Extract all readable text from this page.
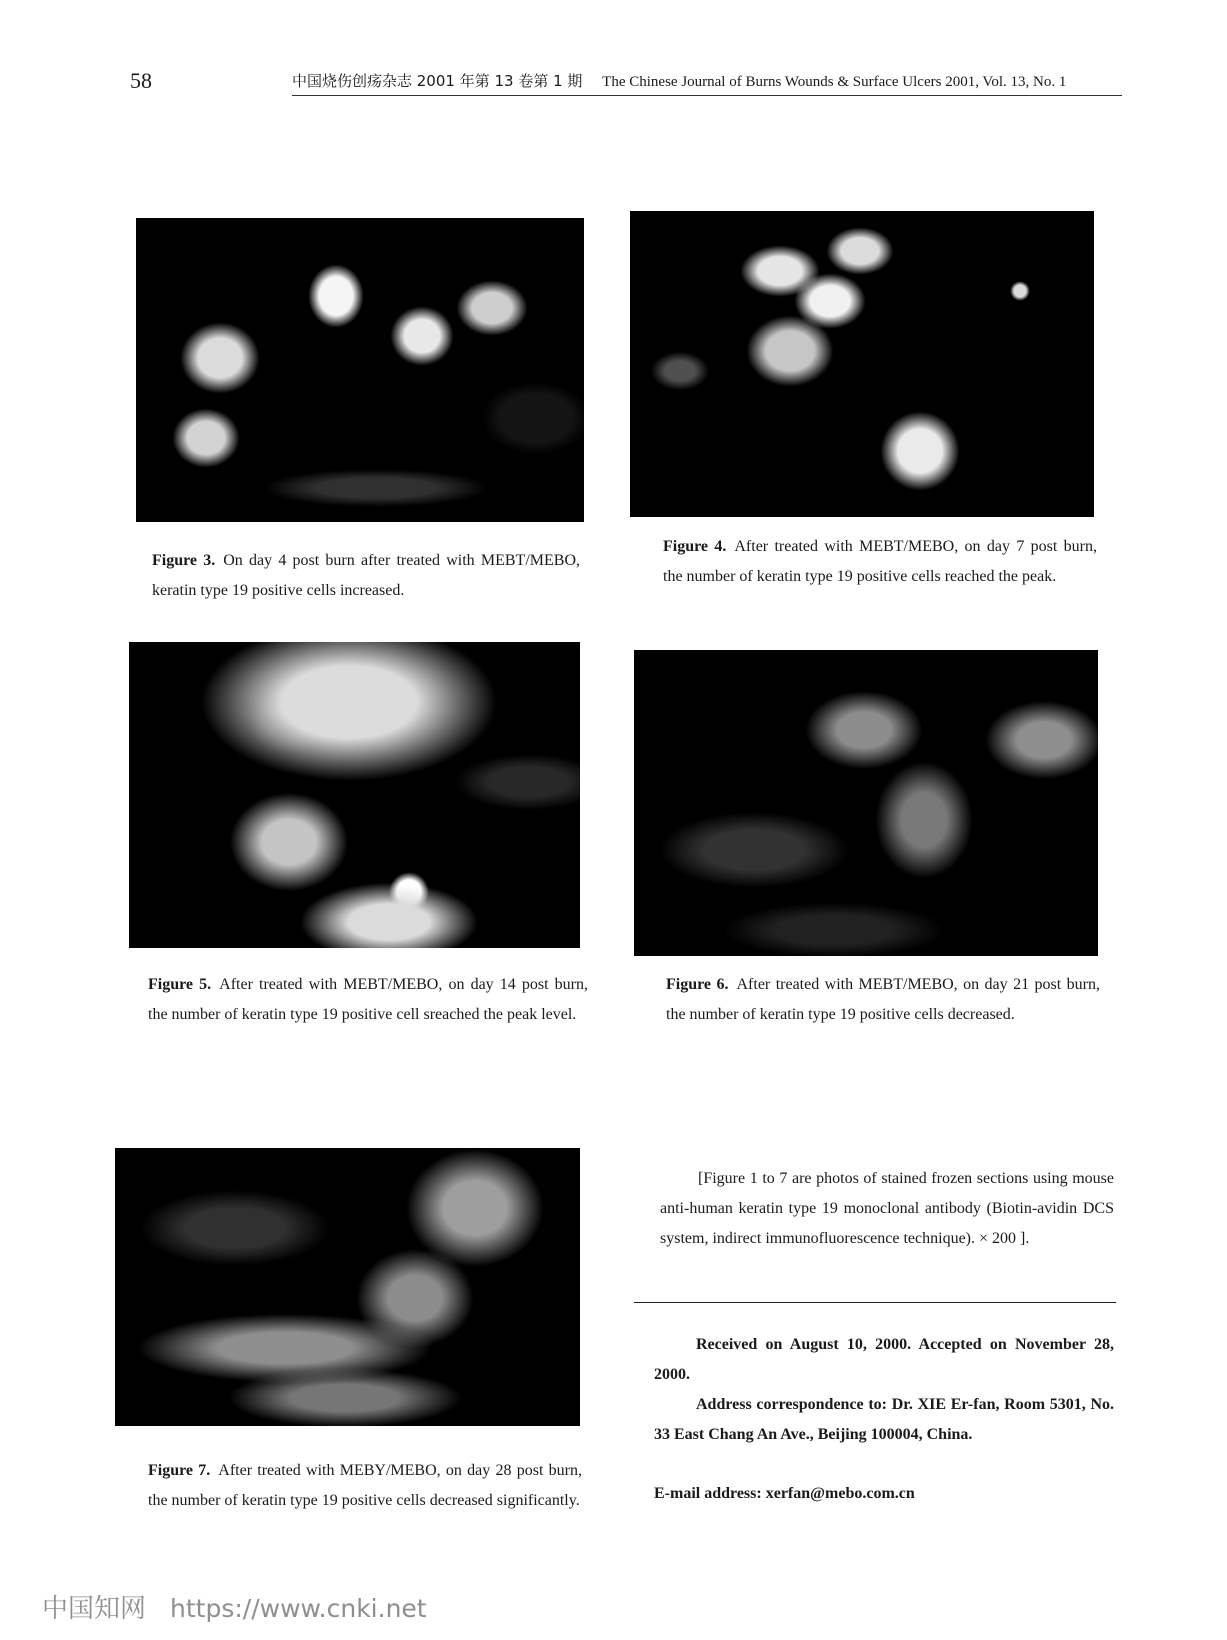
58	中国烧伤创疡杂志 2001 年第 13 卷第 1 期 The Chinese Journal of Burns Wounds & Surface Ulcers 2001, Vol. 13, No. 1
Figure 3. On day 4 post burn after treated with MEBT/MEBO, keratin type 19 positive cells increased.
Figure 4. After treated with MEBT/MEBO, on day 7 post burn, the number of keratin type 19 positive cells reached the peak.
Figure 5. After treated with MEBT/MEBO, on day 14 post burn, the number of keratin type 19 positive cell sreached the peak level.
Figure 6. After treated with MEBT/MEBO, on day 21 post burn, the number of keratin type 19 positive cells decreased.
Figure 7. After treated with MEBY/MEBO, on day 28 post burn, the number of keratin type 19 positive cells decreased significantly.
[Figure 1 to 7 are photos of stained frozen sections using mouse anti-human keratin type 19 monoclonal antibody (Biotin-avidin DCS system, indirect immunofluorescence technique). × 200 ].
Received on August 10, 2000. Accepted on November 28, 2000.
Address correspondence to: Dr. XIE Er-fan, Room 5301, No. 33 East Chang An Ave., Beijing 100004, China.
E-mail address: xerfan@mebo.com.cn
中国知网 https://www.cnki.net
